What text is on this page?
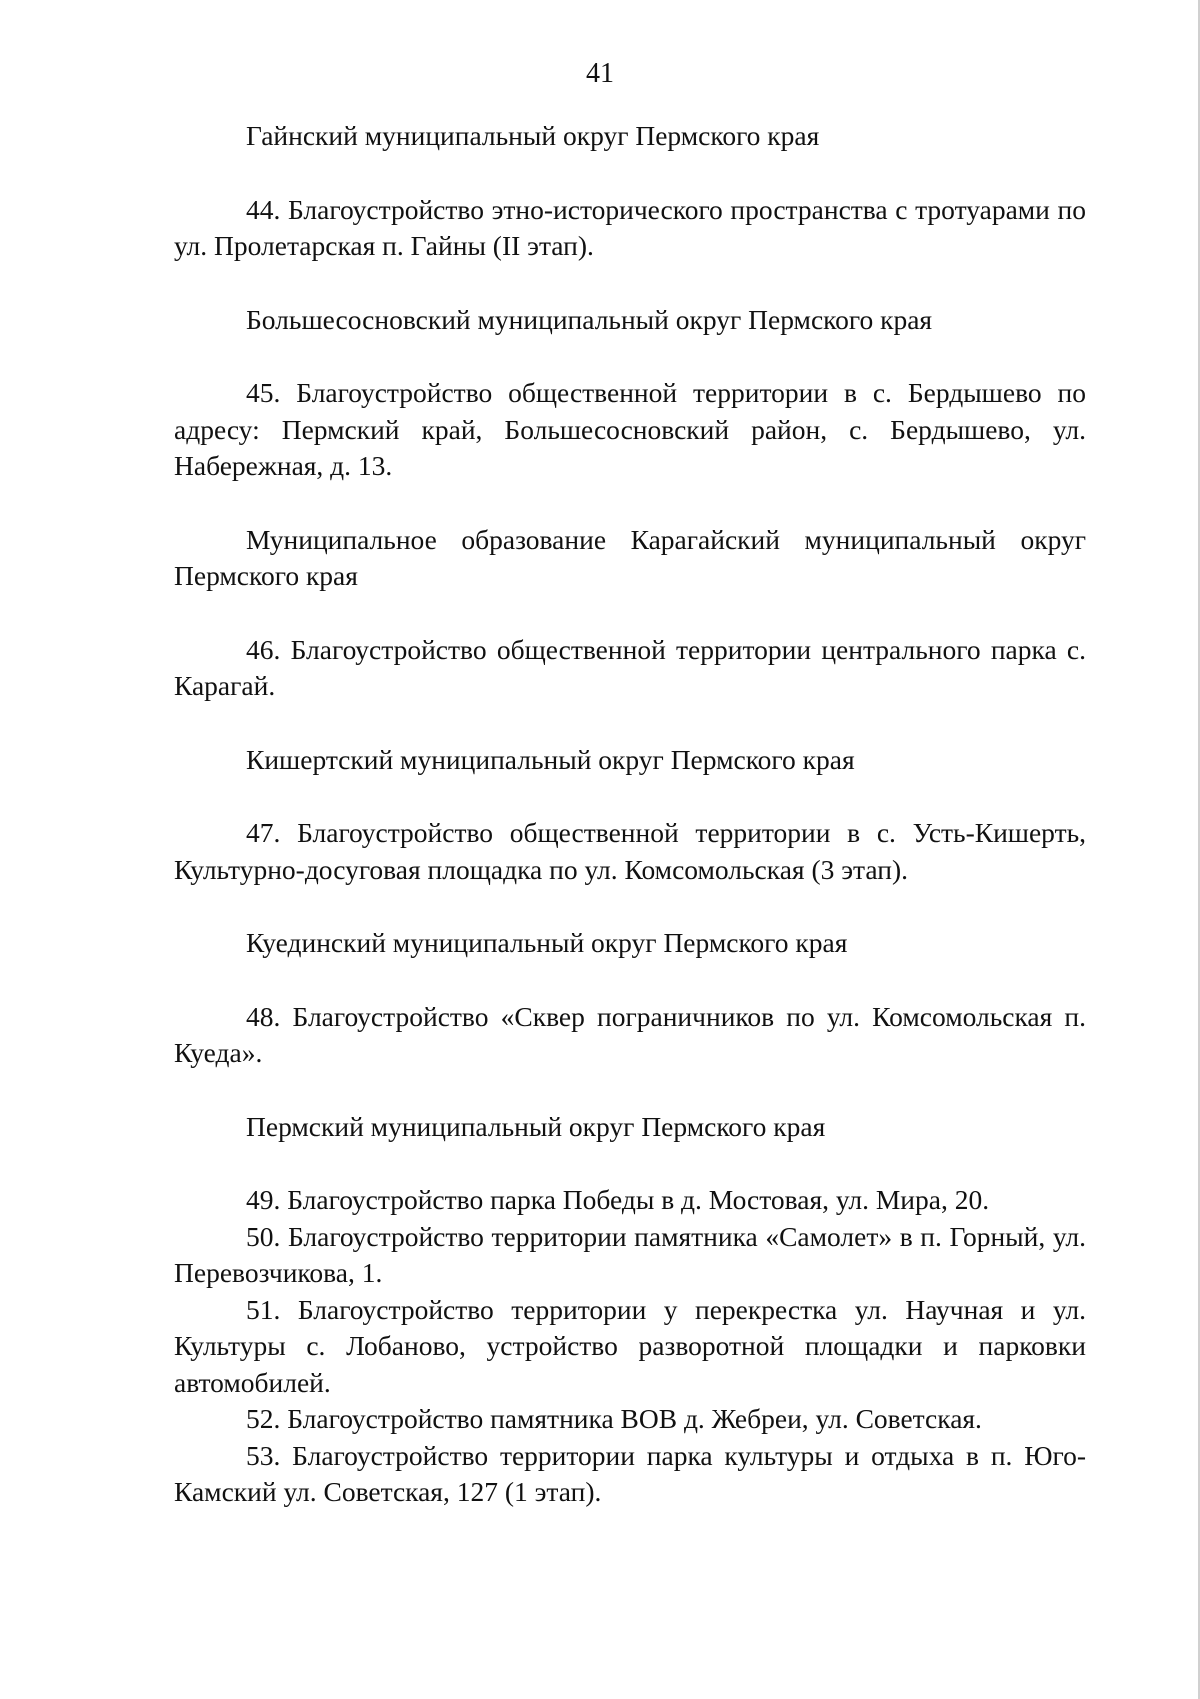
41

Гайнский муниципальный округ Пермского края

44. Благоустройство этно-исторического пространства с тротуарами по ул. Пролетарская п. Гайны (II этап).

Большесосновский муниципальный округ Пермского края

45. Благоустройство общественной территории в с. Бердышево по адресу: Пермский край, Большесосновский район, с. Бердышево, ул. Набережная, д. 13.

Муниципальное образование Карагайский муниципальный округ Пермского края

46. Благоустройство общественной территории центрального парка с. Карагай.

Кишертский муниципальный округ Пермского края

47. Благоустройство общественной территории в с. Усть-Кишерть, Культурно-досуговая площадка по ул. Комсомольская (3 этап).

Куединский муниципальный округ Пермского края

48. Благоустройство «Сквер пограничников по ул. Комсомольская п. Куеда».

Пермский муниципальный округ Пермского края

49. Благоустройство парка Победы в д. Мостовая, ул. Мира, 20.

50. Благоустройство территории памятника «Самолет» в п. Горный, ул. Перевозчикова, 1.

51. Благоустройство территории у перекрестка ул. Научная и ул. Культуры с. Лобаново, устройство разворотной площадки и парковки автомобилей.

52. Благоустройство памятника ВОВ д. Жебреи, ул. Советская.

53. Благоустройство территории парка культуры и отдыха в п. Юго-Камский ул. Советская, 127 (1 этап).
